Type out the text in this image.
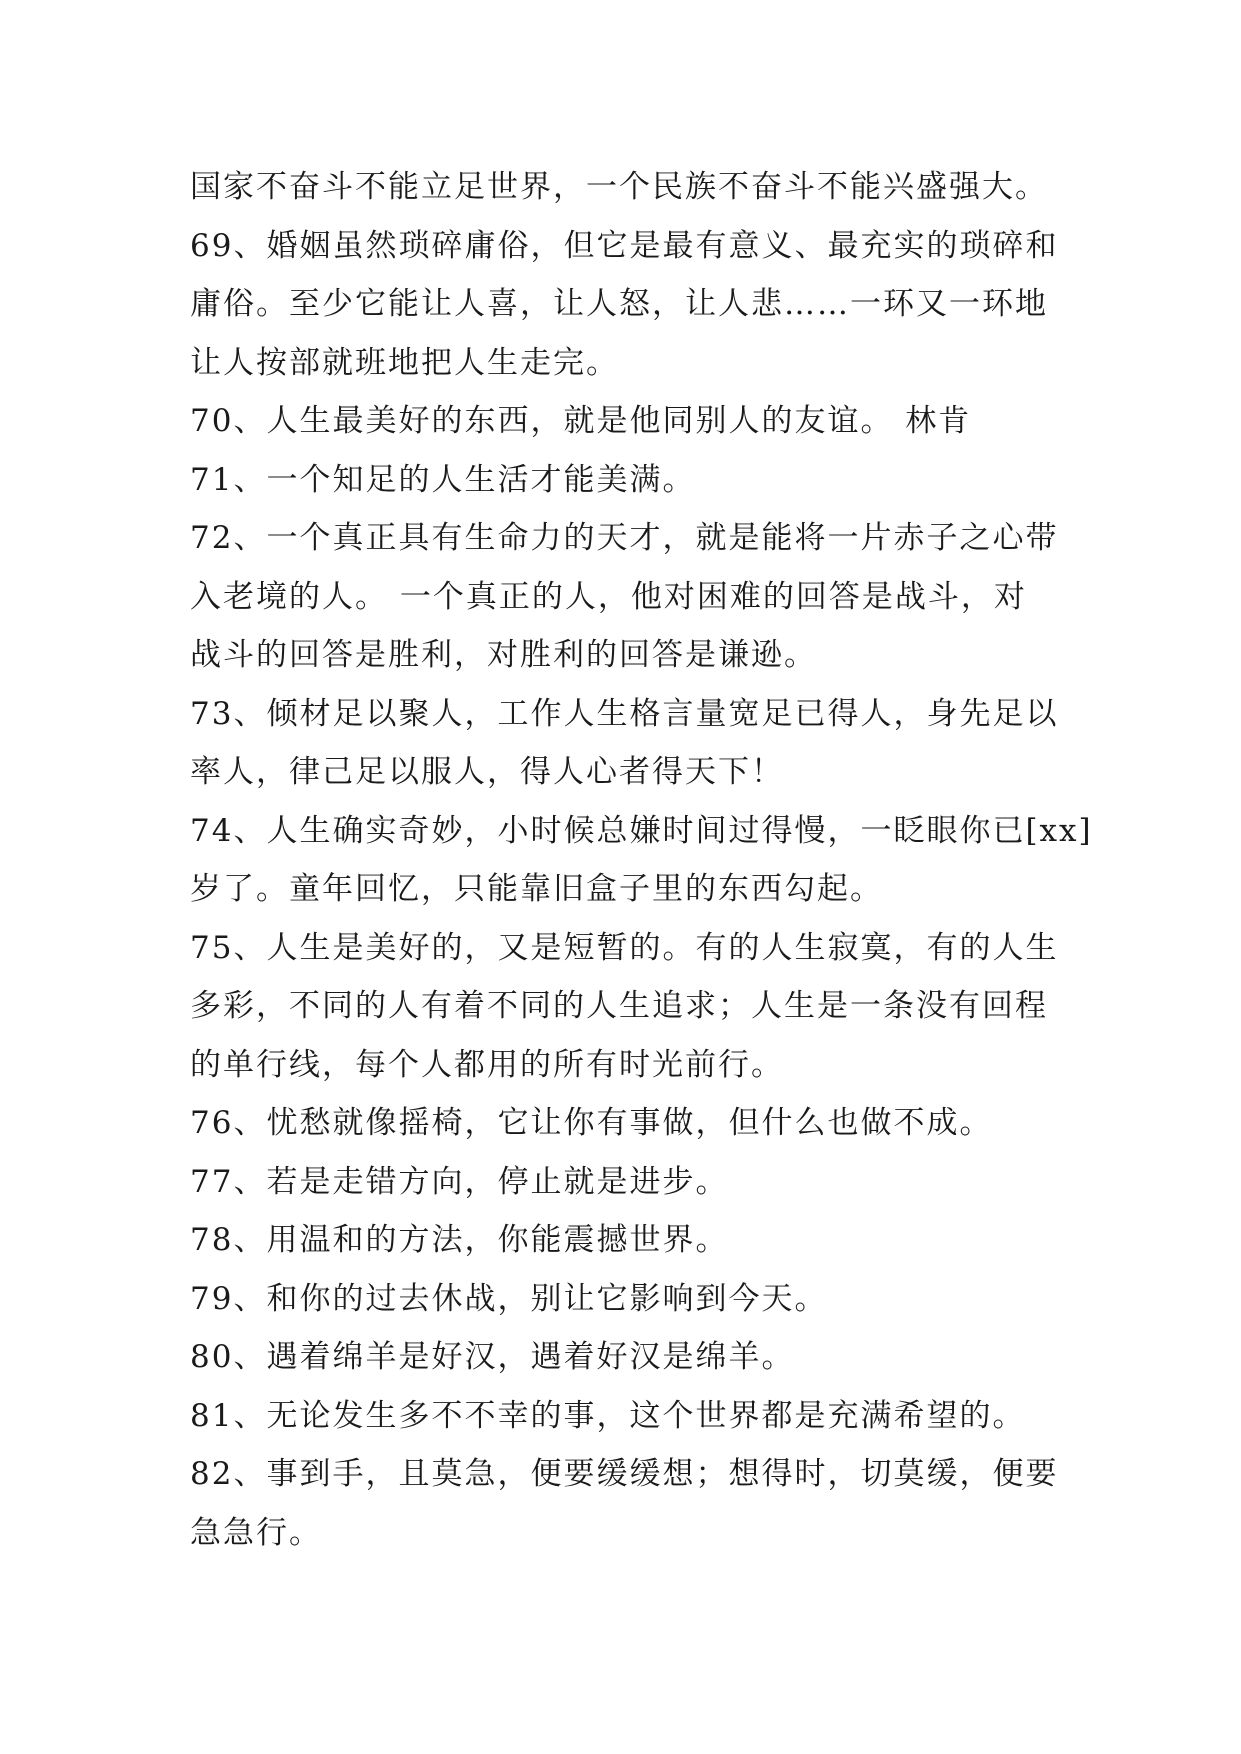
国家不奋斗不能立足世界，一个民族不奋斗不能兴盛强大。
69、婚姻虽然琐碎庸俗，但它是最有意义、最充实的琐碎和
庸俗。至少它能让人喜，让人怒，让人悲……一环又一环地
让人按部就班地把人生走完。
70、人生最美好的东西，就是他同别人的友谊。 林肯
71、一个知足的人生活才能美满。
72、一个真正具有生命力的天才，就是能将一片赤子之心带
入老境的人。 一个真正的人，他对困难的回答是战斗，对
战斗的回答是胜利，对胜利的回答是谦逊。
73、倾材足以聚人，工作人生格言量宽足已得人，身先足以
率人，律己足以服人，得人心者得天下！
74、人生确实奇妙，小时候总嫌时间过得慢，一眨眼你已[xx]
岁了。童年回忆，只能靠旧盒子里的东西勾起。
75、人生是美好的，又是短暂的。有的人生寂寞，有的人生
多彩，不同的人有着不同的人生追求；人生是一条没有回程
的单行线，每个人都用的所有时光前行。
76、忧愁就像摇椅，它让你有事做，但什么也做不成。
77、若是走错方向，停止就是进步。
78、用温和的方法，你能震撼世界。
79、和你的过去休战，别让它影响到今天。
80、遇着绵羊是好汉，遇着好汉是绵羊。
81、无论发生多不不幸的事，这个世界都是充满希望的。
82、事到手，且莫急，便要缓缓想；想得时，切莫缓，便要
急急行。
